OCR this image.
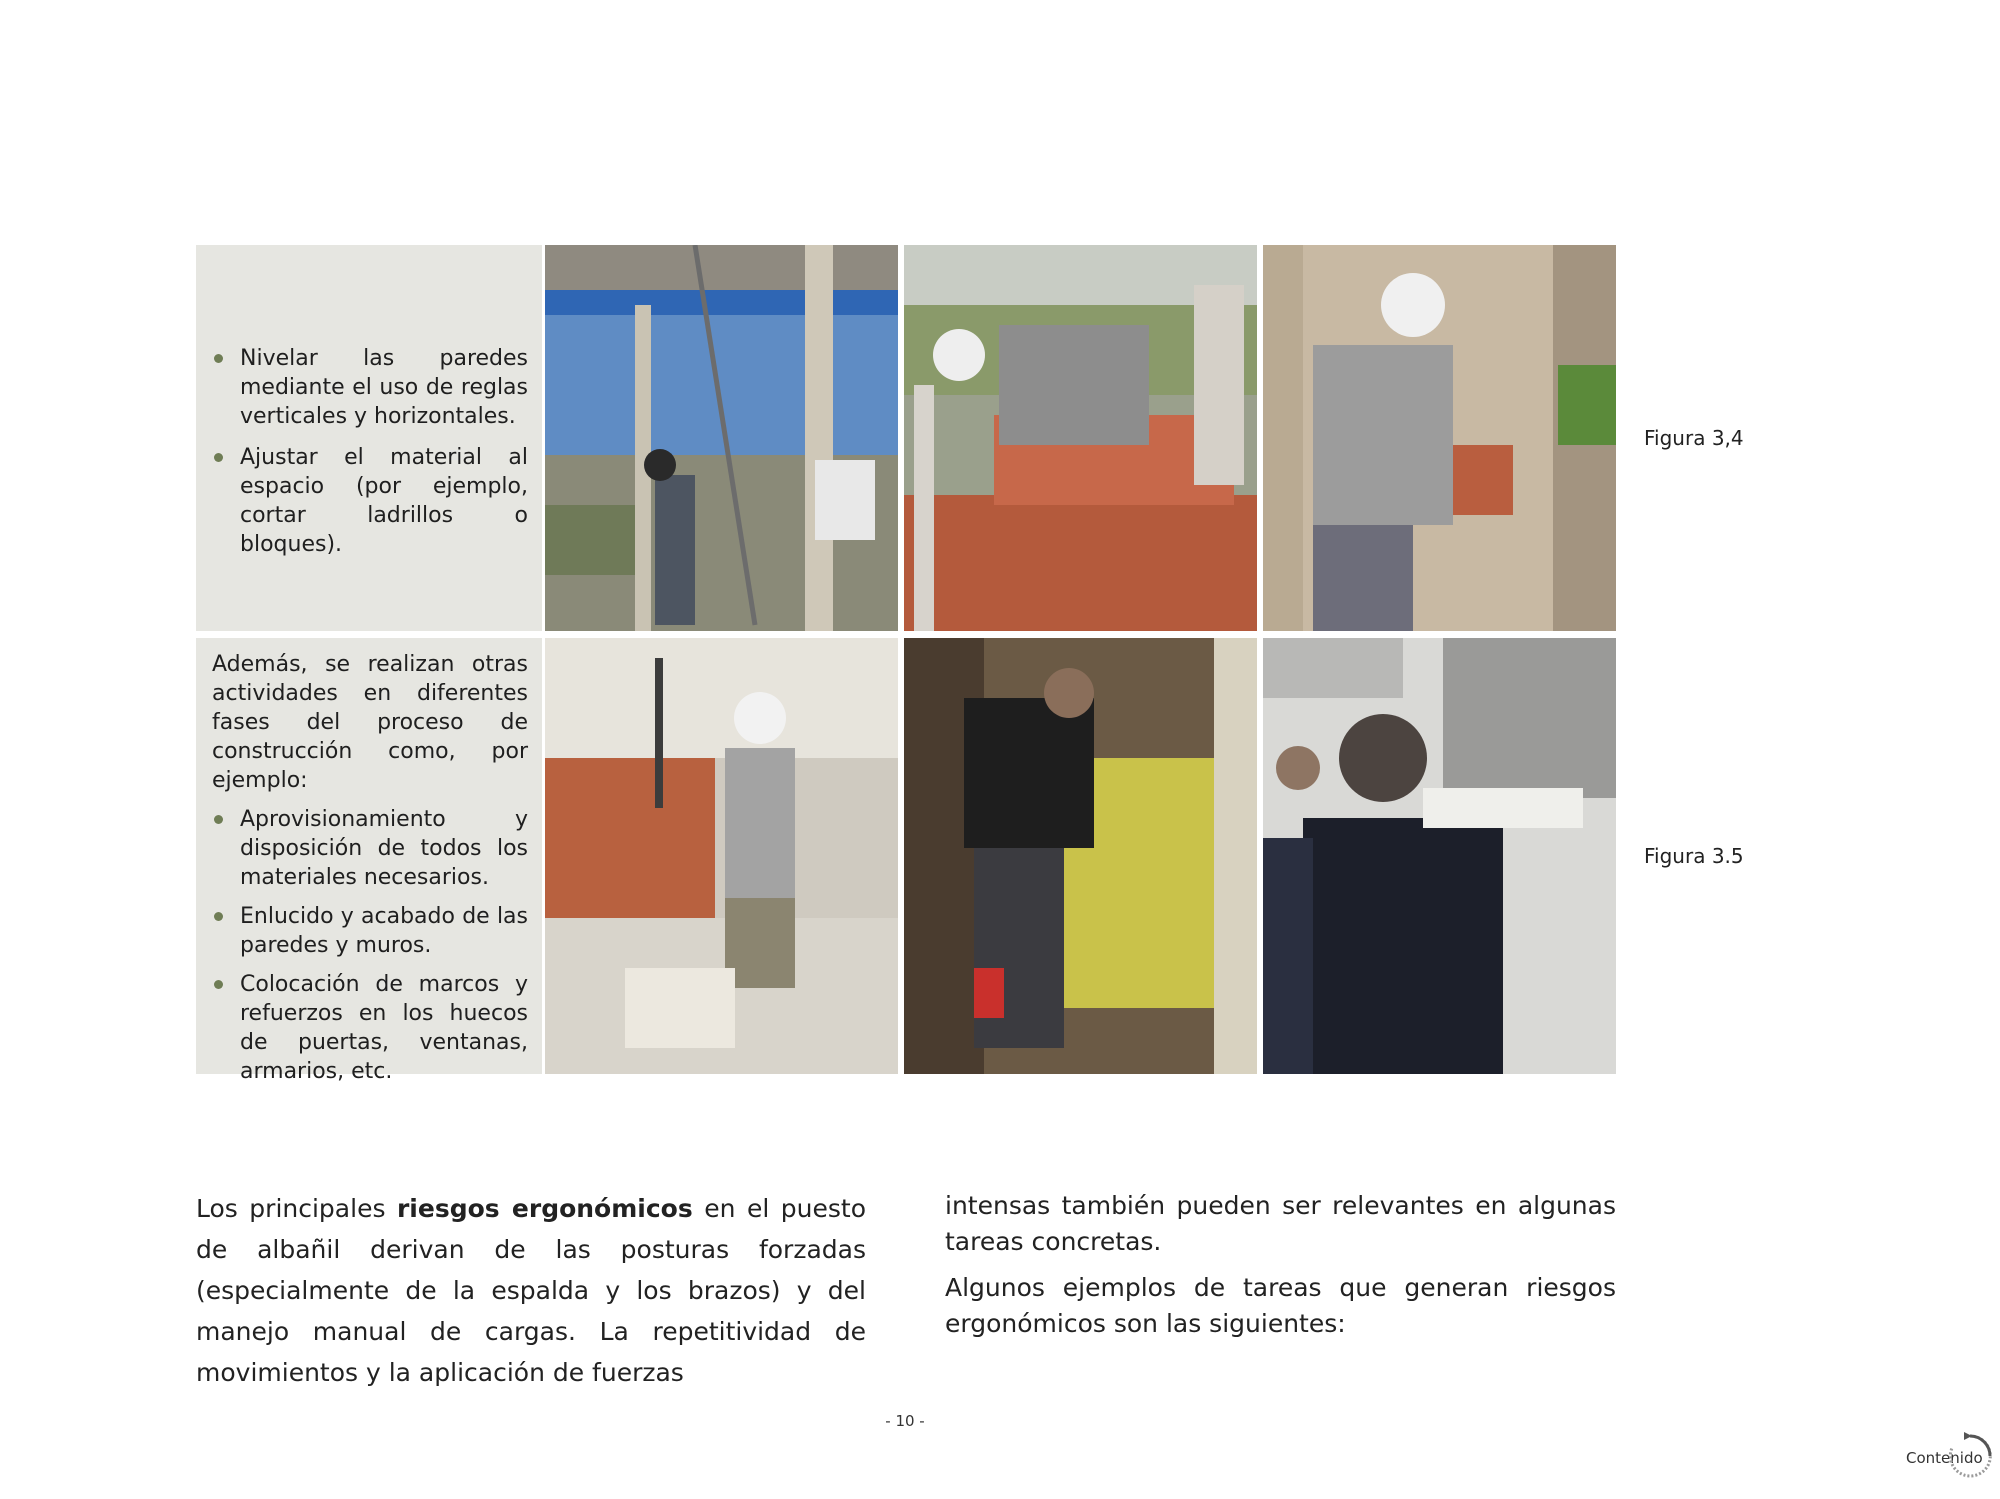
Nivelar las paredes mediante el uso de reglas verticales y horizontales.
Ajustar el material al espacio (por ejemplo, cortar ladrillos o bloques).

Además, se realizan otras actividades en diferentes fases del proceso de construcción como, por ejemplo:

Aprovisionamiento y disposición de todos los materiales necesarios.
Enlucido y acabado de las paredes y muros.
Colocación de marcos y refuerzos en los huecos de puertas, ventanas, armarios, etc.
Figura 3,4
Figura 3.5

Los principales riesgos ergonómicos en el puesto de albañil derivan de las posturas forzadas (especialmente de la espalda y los brazos) y del manejo manual de cargas. La repetitividad de movimientos y la aplicación de fuerzas

intensas también pueden ser relevantes en algunas tareas concretas.

Algunos ejemplos de tareas que generan riesgos ergonómicos son las siguientes:

- 10 -
Contenido
